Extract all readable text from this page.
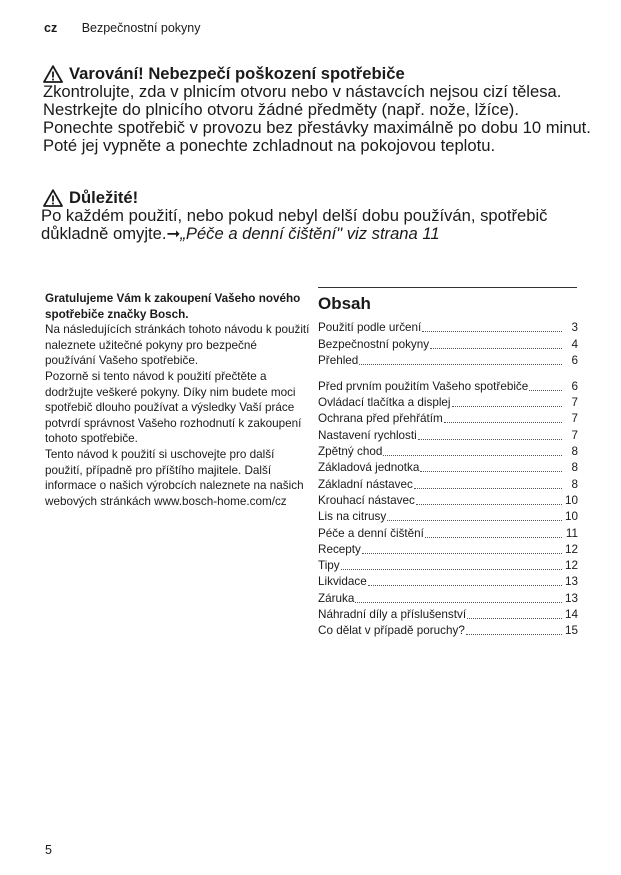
cz Bezpečnostní pokyny
Varování! Nebezpečí poškození spotřebiče

Zkontrolujte, zda v plnicím otvoru nebo v nástavcích nejsou cizí tělesa. Nestrkejte do plnicího otvoru žádné předměty (např. nože, lžíce).

Ponechte spotřebič v provozu bez přestávky maximálně po dobu 10 minut. Poté jej vypněte a ponechte zchladnout na pokojovou teplotu.

Důležité!

Po každém použití, nebo pokud nebyl delší dobu používán, spotřebič důkladně omyjte.➞„Péče a denní čištění" viz strana 11

Gratulujeme Vám k zakoupení Vašeho nového spotřebiče značky Bosch.

Na následujících stránkách tohoto návodu k použití naleznete užitečné pokyny pro bezpečné používání Vašeho spotřebiče.

Pozorně si tento návod k použití přečtěte a dodržujte veškeré pokyny. Díky nim budete moci spotřebič dlouho používat a výsledky Vaší práce potvrdí správnost Vašeho rozhodnutí k zakoupení tohoto spotřebiče.

Tento návod k použití si uschovejte pro další použití, případně pro příštího majitele. Další informace o našich výrobcích naleznete na našich webových stránkách www.bosch-home.com/cz

Obsah
Použití podle určení	3
Bezpečnostní pokyny	4
Přehled	6
Před prvním použitím Vašeho spotřebiče	6
Ovládací tlačítka a displej	7
Ochrana před přehřátím	7
Nastavení rychlosti	7
Zpětný chod	8
Základová jednotka	8
Základní nástavec	8
Krouhací nástavec	10
Lis na citrusy	10
Péče a denní čištění	11
Recepty	12
Tipy	12
Likvidace	13
Záruka	13
Náhradní díly a příslušenství	14
Co dělat v případě poruchy?	15
5
